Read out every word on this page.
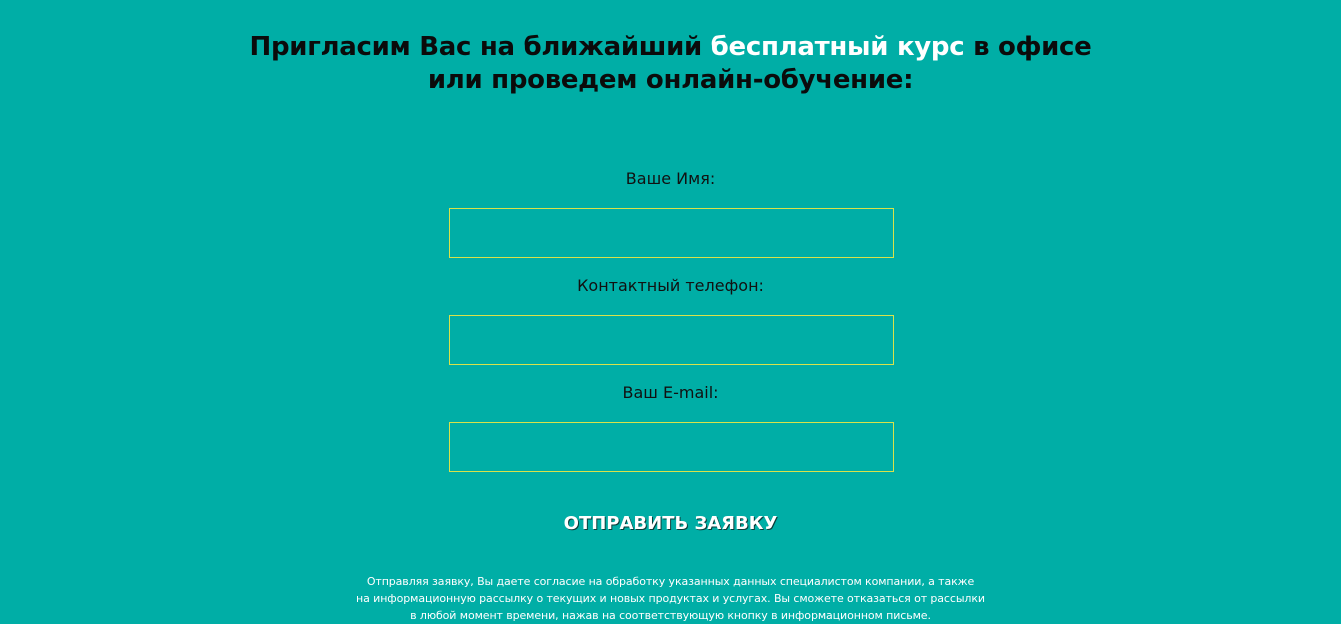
Пригласим Вас на ближайший бесплатный курс в офисе
или проведем онлайн-обучение:
Ваше Имя:
Контактный телефон:
Ваш E-mail:
ОТПРАВИТЬ ЗАЯВКУ
Отправляя заявку, Вы даете согласие на обработку указанных данных специалистом компании, а также
на информационную рассылку о текущих и новых продуктах и услугах. Вы сможете отказаться от рассылки
в любой момент времени, нажав на соответствующую кнопку в информационном письме.
